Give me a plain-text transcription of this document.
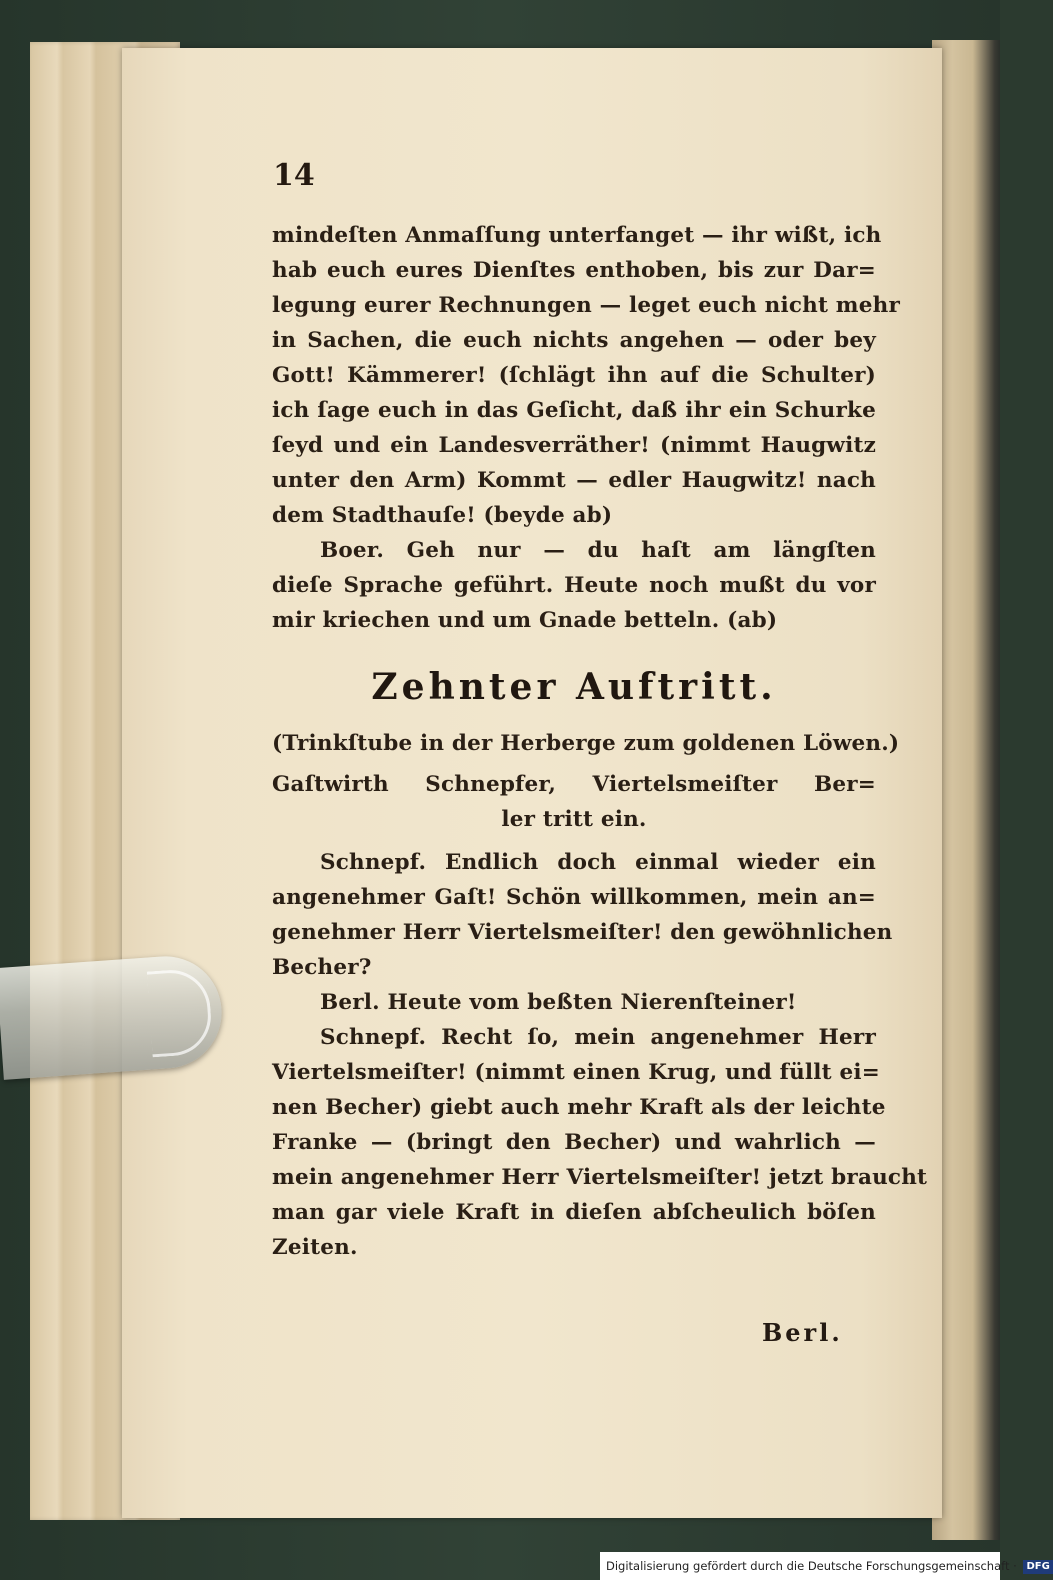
14
mindeſten Anmaſſung unterfanget — ihr wißt, ich
hab euch eures Dienſtes enthoben, bis zur Dar=
legung eurer Rechnungen — leget euch nicht mehr
in Sachen, die euch nichts angehen — oder bey
Gott! Kämmerer! (ſchlägt ihn auf die Schulter)
ich ſage euch in das Geſicht, daß ihr ein Schurke
ſeyd und ein Landesverräther! (nimmt Haugwitz
unter den Arm) Kommt — edler Haugwitz! nach
dem Stadthauſe! (beyde ab)
Boer. Geh nur — du haſt am längſten
dieſe Sprache geführt. Heute noch mußt du vor
mir kriechen und um Gnade betteln. (ab)
Zehnter Auftritt.
(Trinkſtube in der Herberge zum goldenen Löwen.)
Gaſtwirth Schnepfer, Viertelsmeiſter Ber=
ler tritt ein.
Schnepf. Endlich doch einmal wieder ein
angenehmer Gaſt! Schön willkommen, mein an=
genehmer Herr Viertelsmeiſter! den gewöhnlichen
Becher?
Berl. Heute vom beßten Nierenſteiner!
Schnepf. Recht ſo, mein angenehmer Herr
Viertelsmeiſter! (nimmt einen Krug, und füllt ei=
nen Becher) giebt auch mehr Kraft als der leichte
Franke — (bringt den Becher) und wahrlich —
mein angenehmer Herr Viertelsmeiſter! jetzt braucht
man gar viele Kraft in dieſen abſcheulich böſen
Zeiten.
Berl.
Digitalisierung gefördert durch die Deutsche Forschungsgemeinschaft · DFG
